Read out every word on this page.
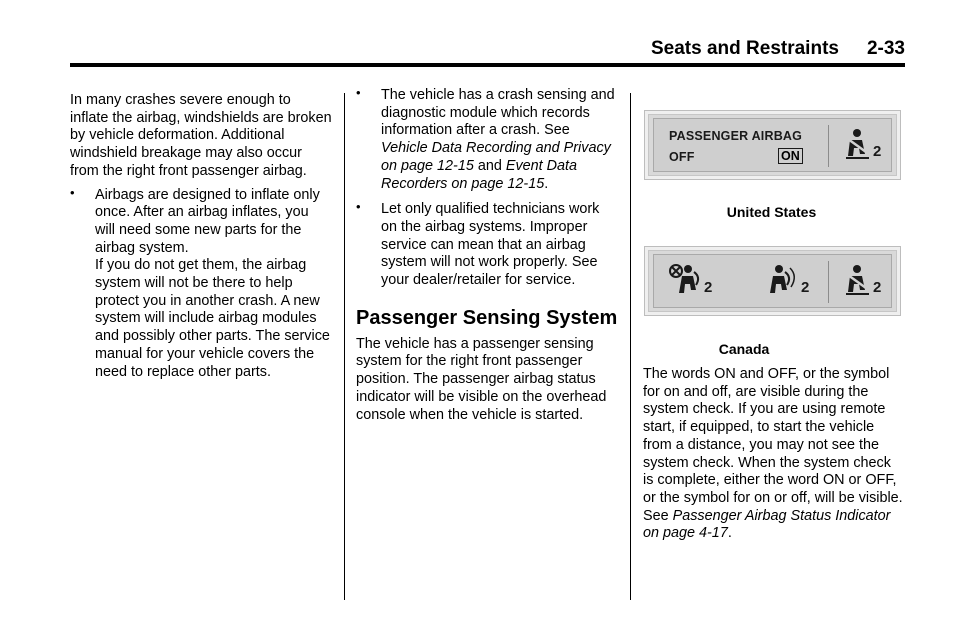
Seats and Restraints 2-33

In many crashes severe enough to inflate the airbag, windshields are broken by vehicle deformation. Additional windshield breakage may also occur from the right front passenger airbag.

• Airbags are designed to inflate only once. After an airbag inflates, you will need some new parts for the airbag system.

If you do not get them, the airbag system will not be there to help protect you in another crash. A new system will include airbag modules and possibly other parts. The service manual for your vehicle covers the need to replace other parts.

• The vehicle has a crash sensing and diagnostic module which records information after a crash. See Vehicle Data Recording and Privacy on page 12-15 and Event Data Recorders on page 12-15.

• Let only qualified technicians work on the airbag systems. Improper service can mean that an airbag system will not work properly. See your dealer/retailer for service.

Passenger Sensing System

The vehicle has a passenger sensing system for the right front passenger position. The passenger airbag status indicator will be visible on the overhead console when the vehicle is started.

PASSENGER AIRBAG
OFF	ON	2
United States
2	2	2
Canada

The words ON and OFF, or the symbol for on and off, are visible during the system check. If you are using remote start, if equipped, to start the vehicle from a distance, you may not see the system check. When the system check is complete, either the word ON or OFF, or the symbol for on or off, will be visible. See Passenger Airbag Status Indicator on page 4-17.
